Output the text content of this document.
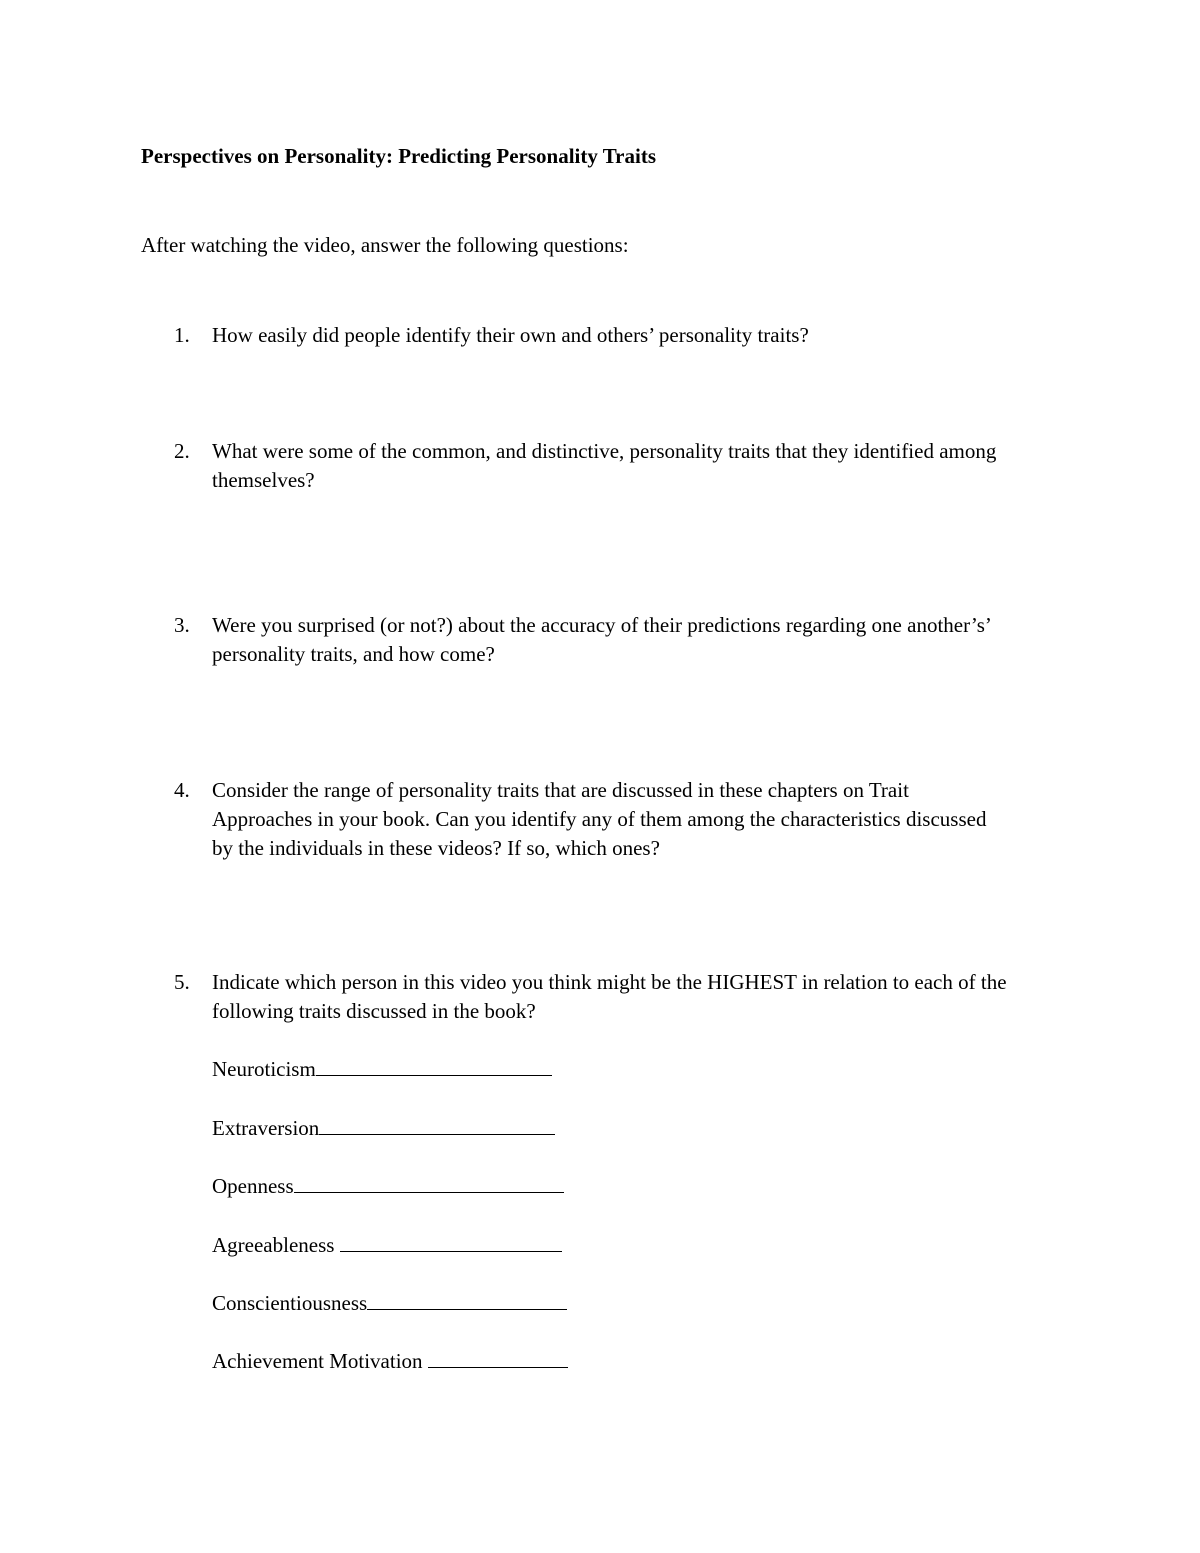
Perspectives on Personality: Predicting Personality Traits
After watching the video, answer the following questions:
1.	How easily did people identify their own and others’ personality traits?
2.	What were some of the common, and distinctive, personality traits that they identified among themselves?
3.	Were you surprised (or not?) about the accuracy of their predictions regarding one another’s’ personality traits, and how come?
4.	Consider the range of personality traits that are discussed in these chapters on Trait Approaches in your book. Can you identify any of them among the characteristics discussed by the individuals in these videos? If so, which ones?
5.	Indicate which person in this video you think might be the HIGHEST in relation to each of the following traits discussed in the book?
Neuroticism
Extraversion
Openness
Agreeableness
Conscientiousness
Achievement Motivation
